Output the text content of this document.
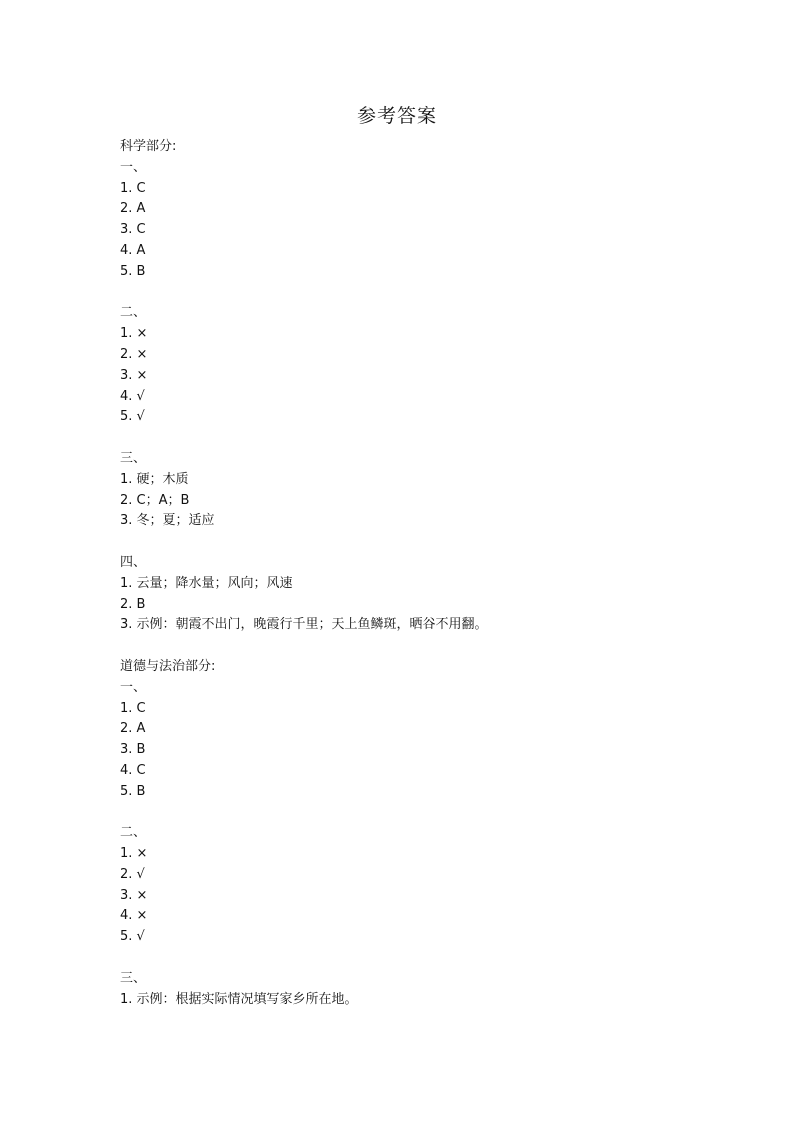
参考答案
科学部分:
一、
1. C
2. A
3. C
4. A
5. B
二、
1. ×
2. ×
3. ×
4. √
5. √
三、
1. 硬；木质
2. C；A；B
3. 冬；夏；适应
四、
1. 云量；降水量；风向；风速
2. B
3. 示例：朝霞不出门，晚霞行千里；天上鱼鳞斑，晒谷不用翻。
道德与法治部分:
一、
1. C
2. A
3. B
4. C
5. B
二、
1. ×
2. √
3. ×
4. ×
5. √
三、
1. 示例：根据实际情况填写家乡所在地。
